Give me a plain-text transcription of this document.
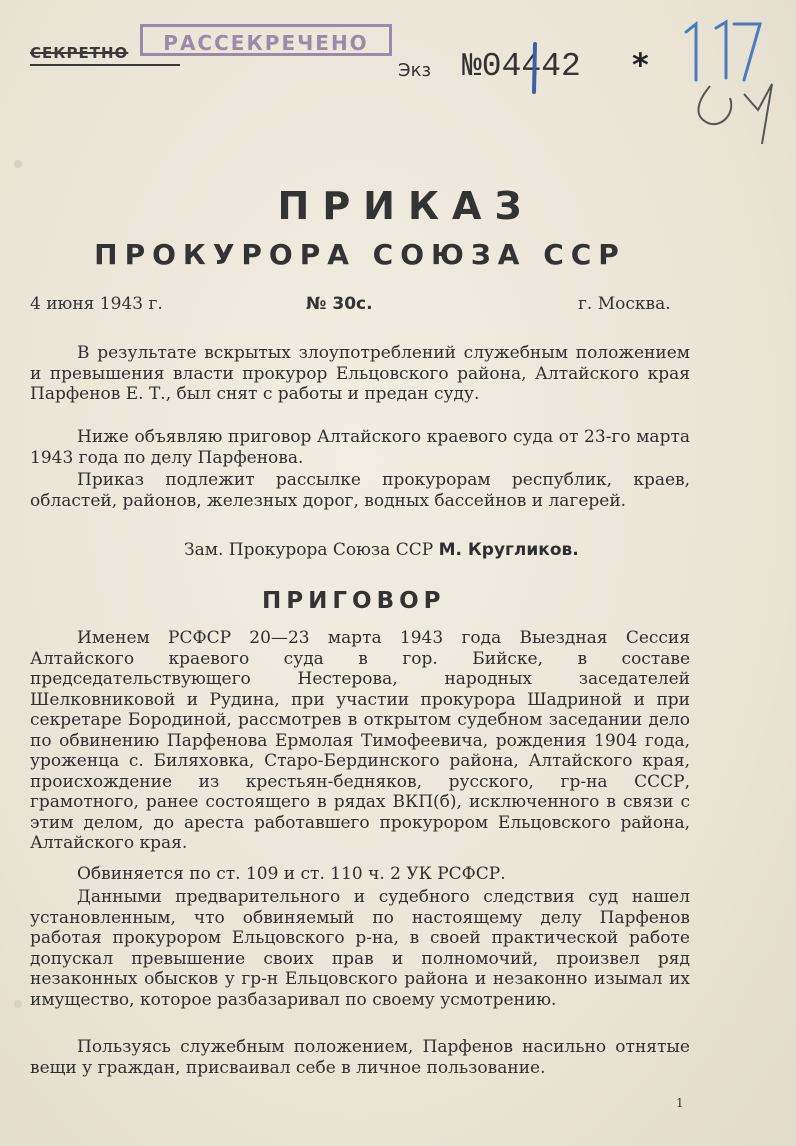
СЕКРЕТНО	РАССЕКРЕЧЕНО
Экз №04442 *
ПРИКАЗ
ПРОКУРОРА СОЮЗА ССР
4 июня 1943 г.	№ 30с.	г. Москва.
В результате вскрытых злоупотреблений служебным положением и превышения власти прокурор Ельцовского района, Алтайского края Парфенов Е. Т., был снят с работы и предан суду.
Ниже объявляю приговор Алтайского краевого суда от 23-го марта 1943 года по делу Парфенова.
Приказ подлежит рассылке прокурорам республик, краев, областей, районов, железных дорог, водных бассейнов и лагерей.
Зам. Прокурора Союза ССР М. Кругликов.
ПРИГОВОР
Именем РСФСР 20—23 марта 1943 года Выездная Сессия Алтайского краевого суда в гор. Бийске, в составе председательствующего Нестерова, народных заседателей Шелковниковой и Рудина, при участии прокурора Шадриной и при секретаре Бородиной, рассмотрев в открытом судебном заседании дело по обвинению Парфенова Ермолая Тимофеевича, рождения 1904 года, уроженца с. Биляховка, Старо-Бердинского района, Алтайского края, происхождение из крестьян-бедняков, русского, гр-на СССР, грамотного, ранее состоящего в рядах ВКП(б), исключенного в связи с этим делом, до ареста работавшего прокурором Ельцовского района, Алтайского края.
Обвиняется по ст. 109 и ст. 110 ч. 2 УК РСФСР.
Данными предварительного и судебного следствия суд нашел установленным, что обвиняемый по настоящему делу Парфенов работая прокурором Ельцовского р-на, в своей практической работе допускал превышение своих прав и полномочий, произвел ряд незаконных обысков у гр-н Ельцовского района и незаконно изымал их имущество, которое разбазаривал по своему усмотрению.
Пользуясь служебным положением, Парфенов насильно отнятые вещи у граждан, присваивал себе в личное пользование.
1
